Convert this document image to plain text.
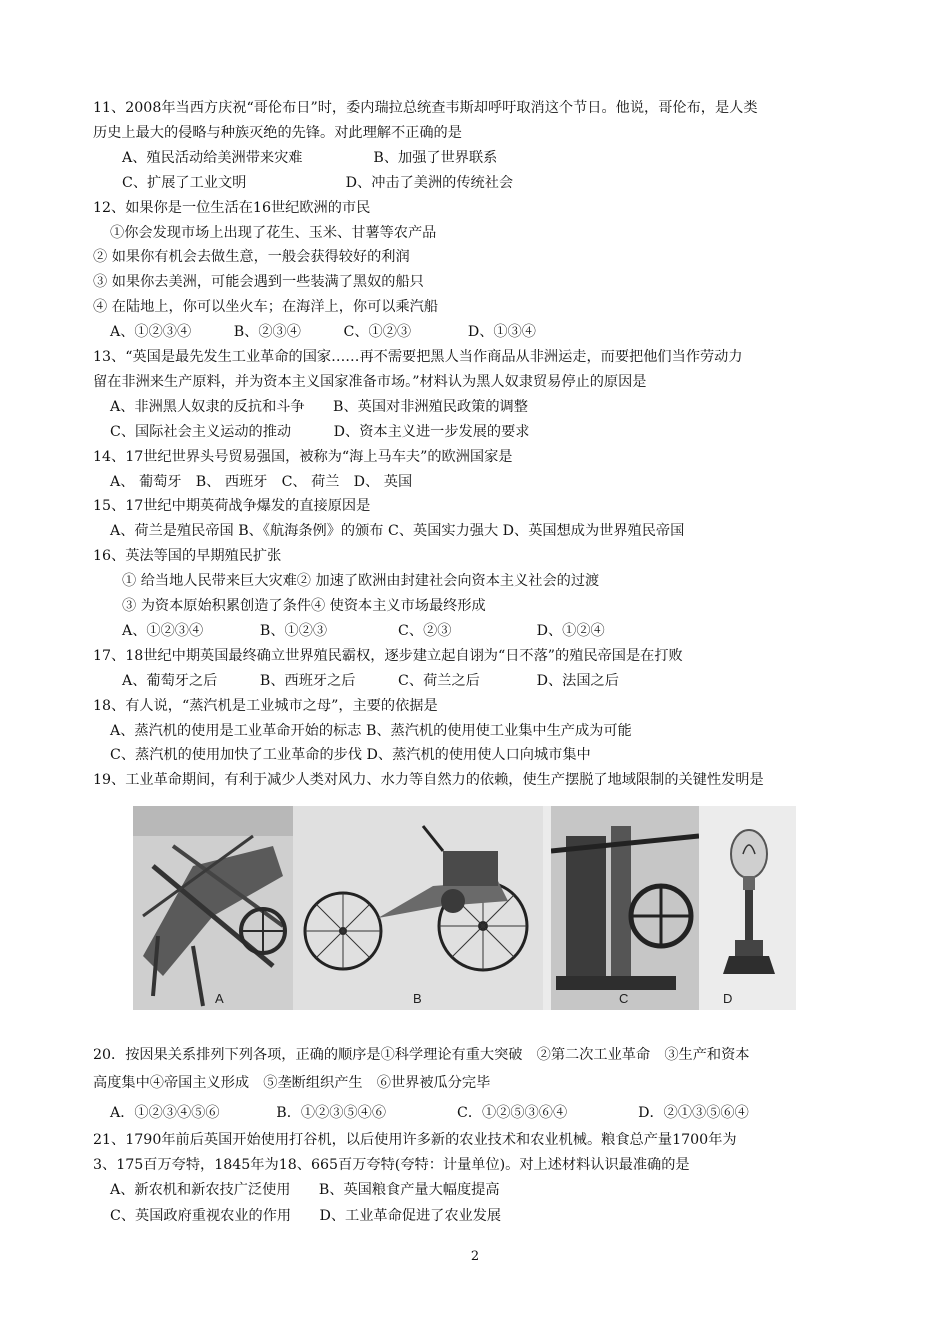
11、2008年当西方庆祝“哥伦布日”时，委内瑞拉总统查韦斯却呼吁取消这个节日。他说，哥伦布，是人类
历史上最大的侵略与种族灭绝的先锋。对此理解不正确的是
A、殖民活动给美洲带来灾难　　　　　B、加强了世界联系
C、扩展了工业文明　　　　　　　D、冲击了美洲的传统社会
12、如果你是一位生活在16世纪欧洲的市民
①你会发现市场上出现了花生、玉米、甘薯等农产品
② 如果你有机会去做生意，一般会获得较好的利润
③ 如果你去美洲，可能会遇到一些装满了黑奴的船只
④ 在陆地上，你可以坐火车；在海洋上，你可以乘汽船
A、①②③④　　　B、②③④　　　C、①②③　　　　D、①③④
13、“英国是最先发生工业革命的国家……再不需要把黑人当作商品从非洲运走，而要把他们当作劳动力
留在非洲来生产原料，并为资本主义国家准备市场。”材料认为黑人奴隶贸易停止的原因是
A、非洲黑人奴隶的反抗和斗争　　B、英国对非洲殖民政策的调整
C、国际社会主义运动的推动　　　D、资本主义进一步发展的要求
14、17世纪世界头号贸易强国，被称为“海上马车夫”的欧洲国家是
A、 葡萄牙　B、 西班牙　C、 荷兰　D、 英国
15、17世纪中期英荷战争爆发的直接原因是
A、荷兰是殖民帝国 B、《航海条例》的颁布 C、英国实力强大 D、英国想成为世界殖民帝国
16、英法等国的早期殖民扩张
① 给当地人民带来巨大灾难② 加速了欧洲由封建社会向资本主义社会的过渡
③ 为资本原始积累创造了条件④ 使资本主义市场最终形成
A、①②③④　　　　B、①②③　　　　　C、②③　　　　　　D、①②④
17、18世纪中期英国最终确立世界殖民霸权，逐步建立起自诩为“日不落”的殖民帝国是在打败
A、葡萄牙之后　　　B、西班牙之后　　　C、荷兰之后　　　　D、法国之后
18、有人说，“蒸汽机是工业城市之母”，主要的依据是
A、蒸汽机的使用是工业革命开始的标志 B、蒸汽机的使用使工业集中生产成为可能
C、蒸汽机的使用加快了工业革命的步伐 D、蒸汽机的使用使人口向城市集中
19、工业革命期间，有利于减少人类对风力、水力等自然力的依赖，使生产摆脱了地域限制的关键性发明是
A	B	C	D
20．按因果关系排列下列各项，正确的顺序是①科学理论有重大突破　②第二次工业革命　③生产和资本
高度集中④帝国主义形成　⑤垄断组织产生　⑥世界被瓜分完毕
A．①②③④⑤⑥　　　　B．①②③⑤④⑥　　　　　C．①②⑤③⑥④　　　　　D．②①③⑤⑥④
21、1790年前后英国开始使用打谷机，以后使用许多新的农业技术和农业机械。粮食总产量1700年为
3、175百万夸特，1845年为18、665百万夸特(夸特：计量单位)。对上述材料认识最准确的是
A、新农机和新农技广泛使用　　B、英国粮食产量大幅度提高
C、英国政府重视农业的作用　　D、工业革命促进了农业发展
2
